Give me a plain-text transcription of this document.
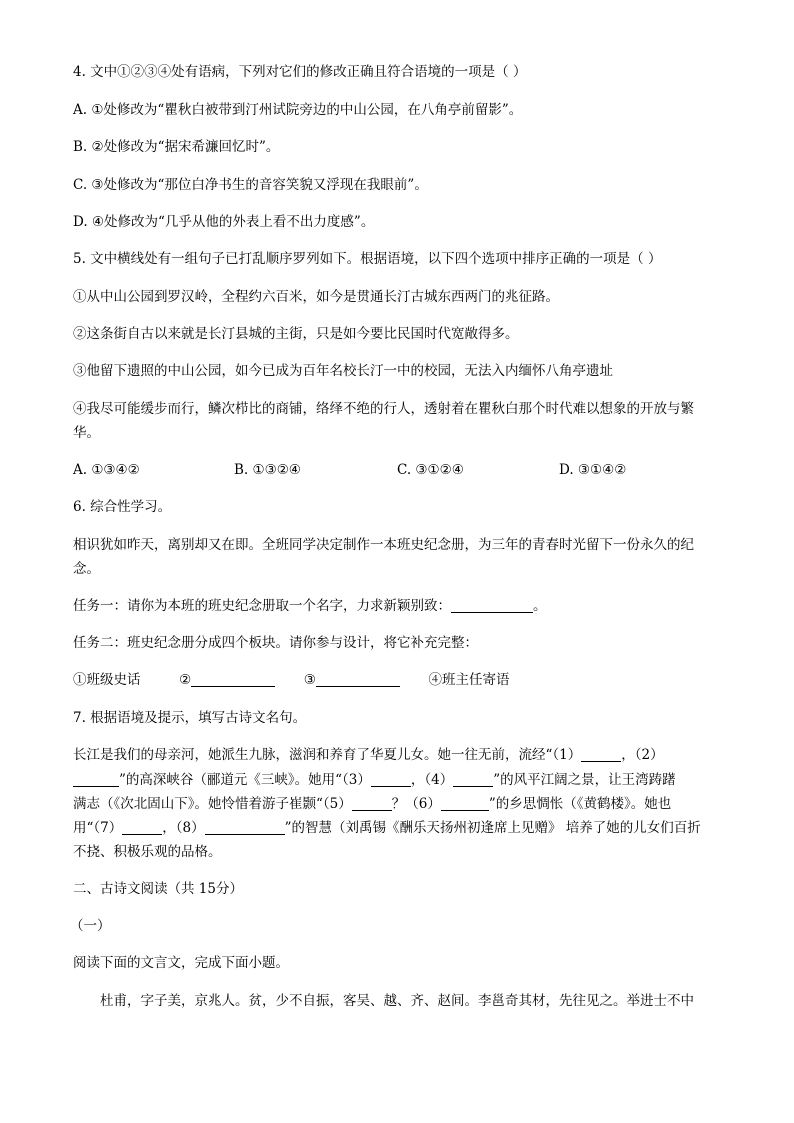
4. 文中①②③④处有语病，下列对它们的修改正确且符合语境的一项是（ ）
A. ①处修改为“瞿秋白被带到汀州试院旁边的中山公园，在八角亭前留影”。
B. ②处修改为“据宋希濂回忆时”。
C. ③处修改为“那位白净书生的音容笑貌又浮现在我眼前”。
D. ④处修改为“几乎从他的外表上看不出力度感”。
5. 文中横线处有一组句子已打乱顺序罗列如下。根据语境，以下四个选项中排序正确的一项是（ ）
①从中山公园到罗汉岭，全程约六百米，如今是贯通长汀古城东西两门的兆征路。
②这条街自古以来就是长汀县城的主街，只是如今要比民国时代宽敞得多。
③他留下遗照的中山公园，如今已成为百年名校长汀一中的校园，无法入内缅怀八角亭遗址
④我尽可能缓步而行，鳞次栉比的商铺，络绎不绝的行人，透射着在瞿秋白那个时代难以想象的开放与繁
华。
A. ①③④②	B. ①③②④	C. ③①②④	D. ③①④②
6. 综合性学习。
相识犹如昨天，离别却又在即。全班同学决定制作一本班史纪念册，为三年的青春时光留下一份永久的纪
念。
任务一：请你为本班的班史纪念册取一个名字，力求新颖别致：	。
任务二：班史纪念册分成四个板块。请你参与设计，将它补充完整：
①班级史话	②	③	④班主任寄语
7. 根据语境及提示，填写古诗文名句。
长江是我们的母亲河，她派生九脉，滋润和养育了华夏儿女。她一往无前，流经“（1）	，（2）
”的高深峡谷（郦道元《三峡》。她用“（3）	，（4）	”的风平江阔之景，让王湾踌躇
满志（《次北固山下》。她怜惜着游子崔颢“（5）	？（6）	”的乡思惆怅（《黄鹤楼》。她也
用“（7）	，（8）	”的智慧（刘禹锡《酬乐天扬州初逢席上见赠》 培养了她的儿女们百折
不挠、积极乐观的品格。
二、古诗文阅读（共 15分）
（一）
阅读下面的文言文，完成下面小题。
杜甫，字子美，京兆人。贫，少不自振，客吴、越、齐、赵间。李邕奇其材，先往见之。举进士不中
